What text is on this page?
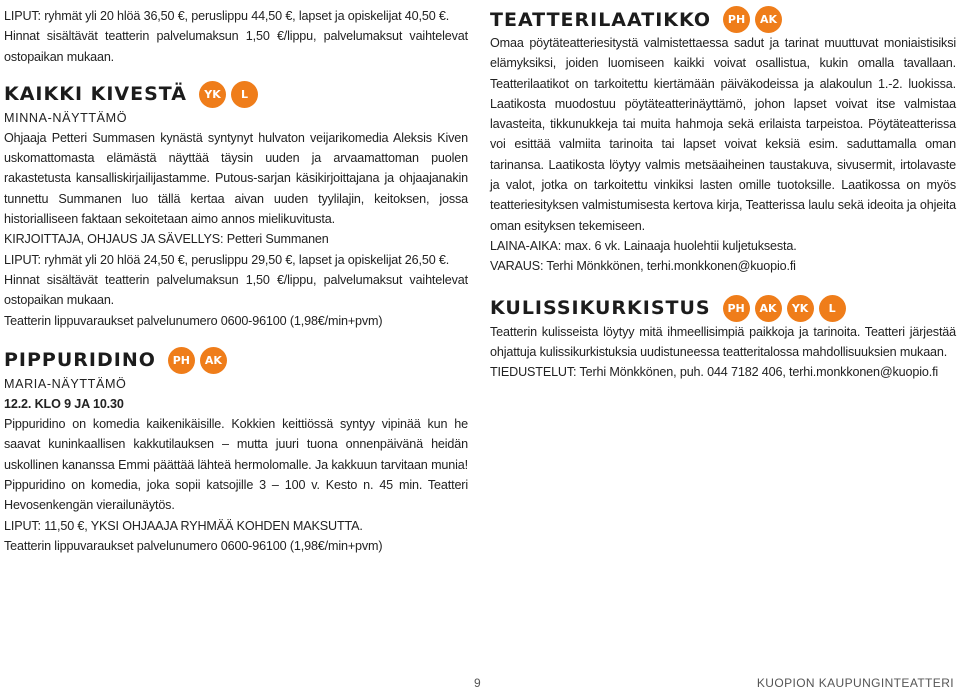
LIPUT: ryhmät yli 20 hlöä 36,50 €, peruslippu 44,50 €, lapset ja opiskelijat 40,50 €.

Hinnat sisältävät teatterin palvelumaksun 1,50 €/lippu, palvelumaksut vaihtelevat ostopaikan mukaan.

KAIKKI KIVESTÄ	YK	L

MINNA-NÄYTTÄMÖ

Ohjaaja Petteri Summasen kynästä syntynyt hulvaton veijarikomedia Aleksis Kiven uskomattomasta elämästä näyttää täysin uuden ja arvaamattoman puolen rakastetusta kansalliskirjailijastamme. Putous-sarjan käsikirjoittajana ja ohjaajanakin tunnettu Summanen luo tällä kertaa aivan uuden tyylilajin, keitoksen, jossa historialliseen faktaan sekoitetaan aimo annos mielikuvitusta.

KIRJOITTAJA, OHJAUS JA SÄVELLYS: Petteri Summanen

LIPUT: ryhmät yli 20 hlöä 24,50 €, peruslippu 29,50 €, lapset ja opiskelijat 26,50 €.

Hinnat sisältävät teatterin palvelumaksun 1,50 €/lippu, palvelumaksut vaihtelevat ostopaikan mukaan.

Teatterin lippuvaraukset palvelunumero 0600-96100 (1,98€/min+pvm)

PIPPURIDINO	PH	AK

MARIA-NÄYTTÄMÖ

12.2. KLO 9 JA 10.30

Pippuridino on komedia kaikenikäisille. Kokkien keittiössä syntyy vipinää kun he saavat kuninkaallisen kakkutilauksen – mutta juuri tuona onnenpäivänä heidän uskollinen kananssa Emmi päättää lähteä hermolomalle. Ja kakkuun tarvitaan munia! Pippuridino on komedia, joka sopii katsojille 3 – 100 v. Kesto n. 45 min. Teatteri Hevosenkengän vierailunäytös.

LIPUT: 11,50 €, YKSI OHJAAJA RYHMÄÄ KOHDEN MAKSUTTA.

Teatterin lippuvaraukset palvelunumero 0600-96100 (1,98€/min+pvm)

TEATTERILAATIKKO	PH	AK

Omaa pöytäteatteriesitystä valmistettaessa sadut ja tarinat muuttuvat moniaistisiksi elämyksiksi, joiden luomiseen kaikki voivat osallistua, kukin omalla tavallaan. Teatterilaatikot on tarkoitettu kiertämään päiväkodeissa ja alakoulun 1.-2. luokissa. Laatikosta muodostuu pöytäteatterinäyttämö, johon lapset voivat itse valmistaa lavasteita, tikkunukkeja tai muita hahmoja sekä erilaista tarpeistoa. Pöytäteatterissa voi esittää valmiita tarinoita tai lapset voivat keksiä esim. saduttamalla oman tarinansa. Laatikosta löytyy valmis metsäaiheinen taustakuva, sivusermit, irtolavaste ja valot, jotka on tarkoitettu vinkiksi lasten omille tuotoksille. Laatikossa on myös teatteriesityksen valmistumisesta kertova kirja, Teatterissa laulu sekä ideoita ja ohjeita oman esityksen tekemiseen.

LAINA-AIKA: max. 6 vk. Lainaaja huolehtii kuljetuksesta.

VARAUS: Terhi Mönkkönen, terhi.monkkonen@kuopio.fi

KULISSIKURKISTUS	PH	AK	YK	L

Teatterin kulisseista löytyy mitä ihmeellisimpiä paikkoja ja tarinoita. Teatteri järjestää ohjattuja kulissikurkistuksia uudistuneessa teatteritalossa mahdollisuuksien mukaan.

TIEDUSTELUT: Terhi Mönkkönen, puh. 044 7182 406, terhi.monkkonen@kuopio.fi

9	KUOPION KAUPUNGINTEATTERI
